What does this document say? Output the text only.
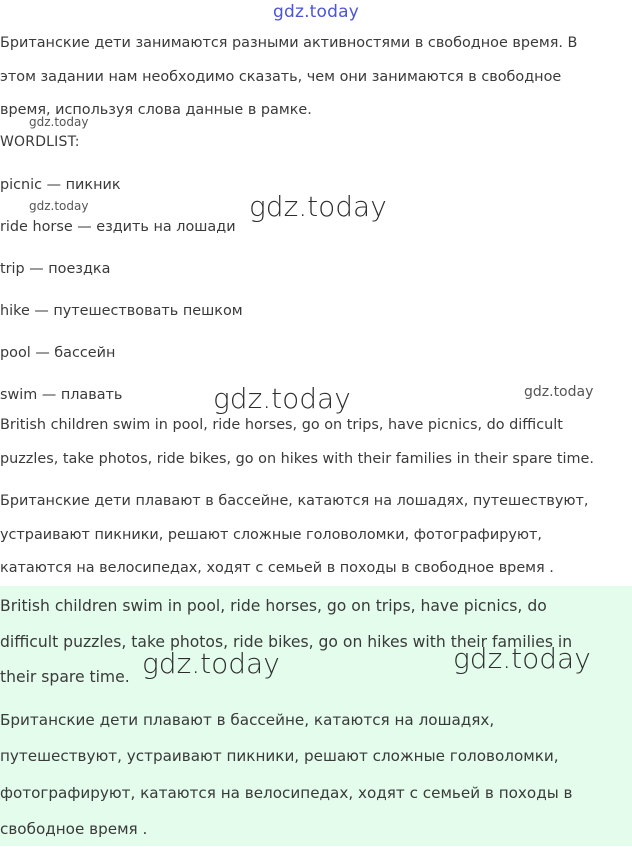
gdz.today
Британские дети занимаются разными активностями в свободное время. В
этом задании нам необходимо сказать, чем они занимаются в свободное
время, используя слова данные в рамке.
WORDLIST:
picnic — пикник
ride horse — ездить на лошади
trip — поездка
hike — путешествовать пешком
pool — бассейн
swim — плавать
British children swim in pool, ride horses, go on trips, have picnics, do difficult
puzzles, take photos, ride bikes, go on hikes with their families in their spare time.
Британские дети плавают в бассейне, катаются на лошадях, путешествуют,
устраивают пикники, решают сложные головоломки, фотографируют,
катаются на велосипедах, ходят с семьей в походы в свободное время .
British children swim in pool, ride horses, go on trips, have picnics, do
difficult puzzles, take photos, ride bikes, go on hikes with their families in
their spare time.
Британские дети плавают в бассейне, катаются на лошадях,
путешествуют, устраивают пикники, решают сложные головоломки,
фотографируют, катаются на велосипедах, ходят с семьей в походы в
свободное время .
gdz.today
gdz.today
gdz.today
gdz.today
gdz.today
gdz.today	gdz.today
